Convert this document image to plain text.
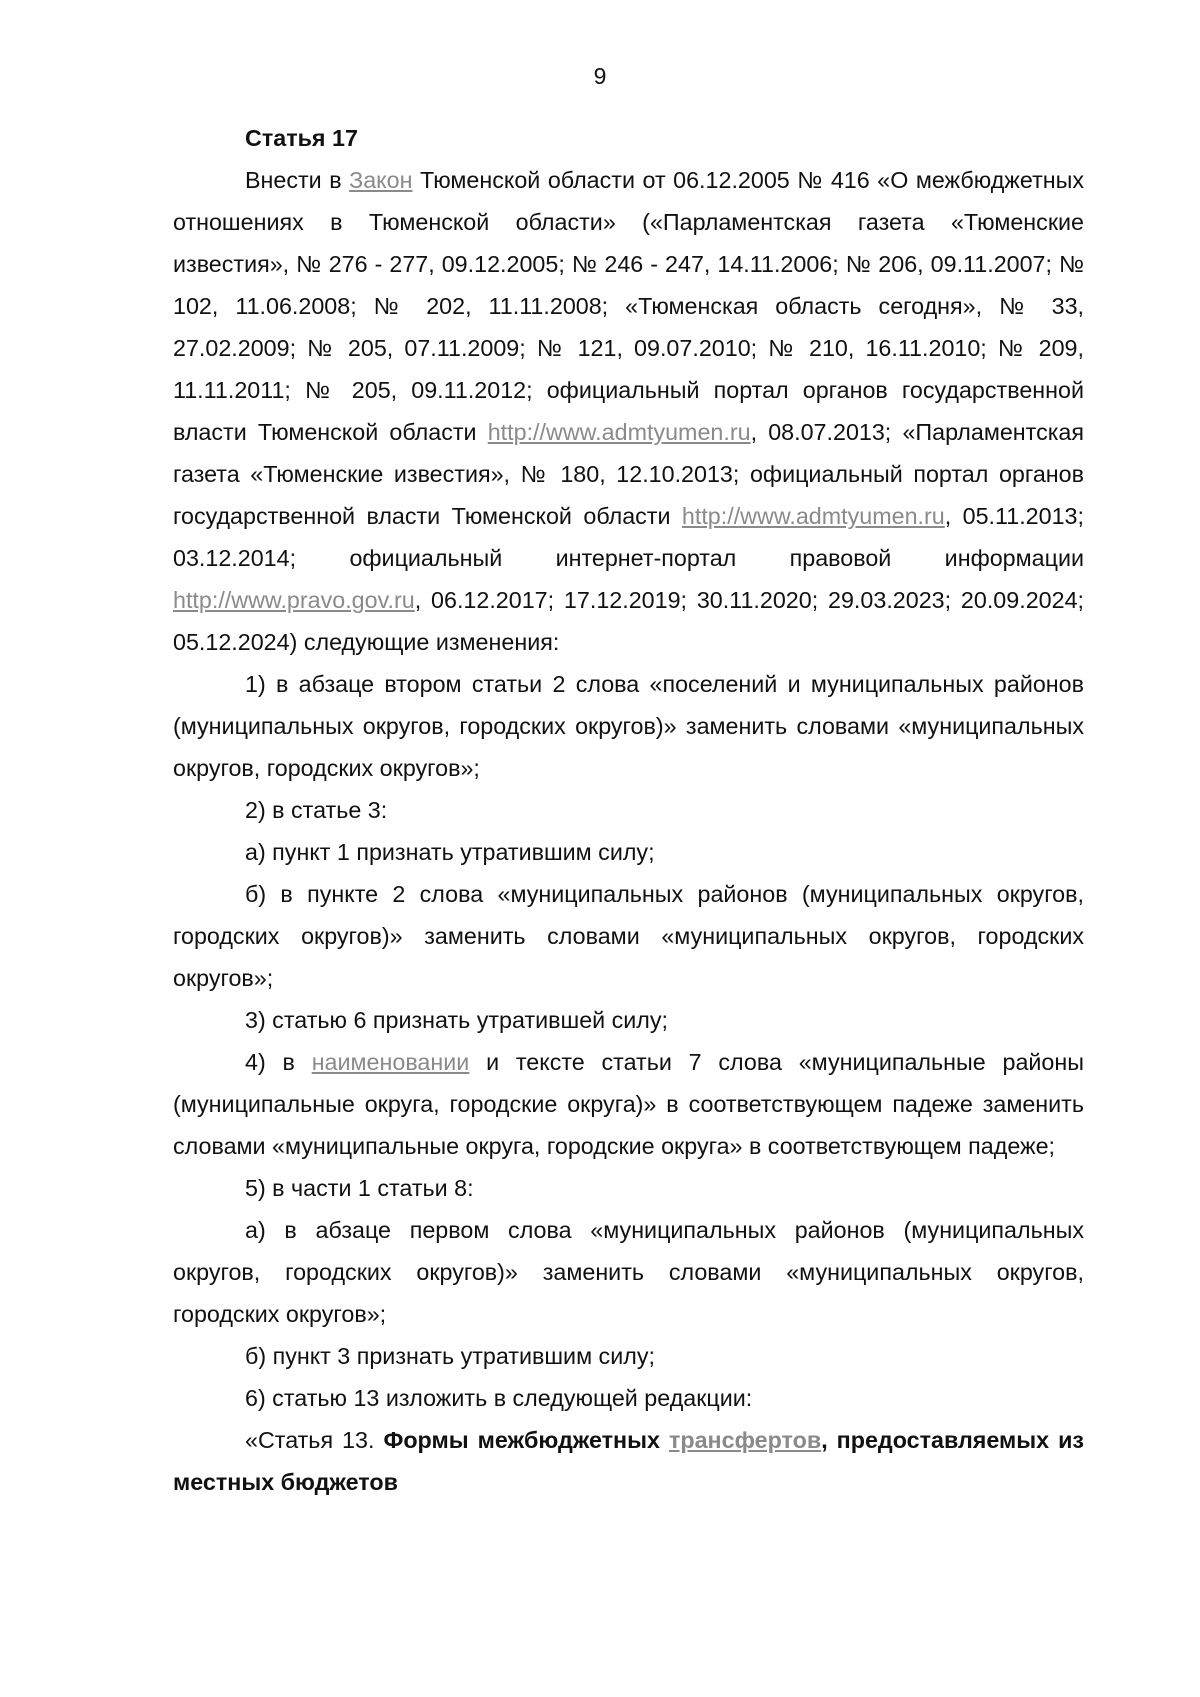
9

Статья 17

Внести в Закон Тюменской области от 06.12.2005 № 416 «О межбюджетных отношениях в Тюменской области» («Парламентская газета «Тюменские известия», № 276 - 277, 09.12.2005; № 246 - 247, 14.11.2006; № 206, 09.11.2007; № 102, 11.06.2008; № 202, 11.11.2008; «Тюменская область сегодня», № 33, 27.02.2009; № 205, 07.11.2009; № 121, 09.07.2010; № 210, 16.11.2010; № 209, 11.11.2011; № 205, 09.11.2012; официальный портал органов государственной власти Тюменской области http://www.admtyumen.ru, 08.07.2013; «Парламентская газета «Тюменские известия», № 180, 12.10.2013; официальный портал органов государственной власти Тюменской области http://www.admtyumen.ru, 05.11.2013; 03.12.2014; официальный интернет-портал правовой информации http://www.pravo.gov.ru, 06.12.2017; 17.12.2019; 30.11.2020; 29.03.2023; 20.09.2024; 05.12.2024) следующие изменения:

1) в абзаце втором статьи 2 слова «поселений и муниципальных районов (муниципальных округов, городских округов)» заменить словами «муниципальных округов, городских округов»;

2) в статье 3:

а) пункт 1 признать утратившим силу;

б) в пункте 2 слова «муниципальных районов (муниципальных округов, городских округов)» заменить словами «муниципальных округов, городских округов»;

3) статью 6 признать утратившей силу;

4) в наименовании и тексте статьи 7 слова «муниципальные районы (муниципальные округа, городские округа)» в соответствующем падеже заменить словами «муниципальные округа, городские округа» в соответствующем падеже;

5) в части 1 статьи 8:

а) в абзаце первом слова «муниципальных районов (муниципальных округов, городских округов)» заменить словами «муниципальных округов, городских округов»;

б) пункт 3 признать утратившим силу;

6) статью 13 изложить в следующей редакции:

«Статья 13. Формы межбюджетных трансфертов, предоставляемых из местных бюджетов
